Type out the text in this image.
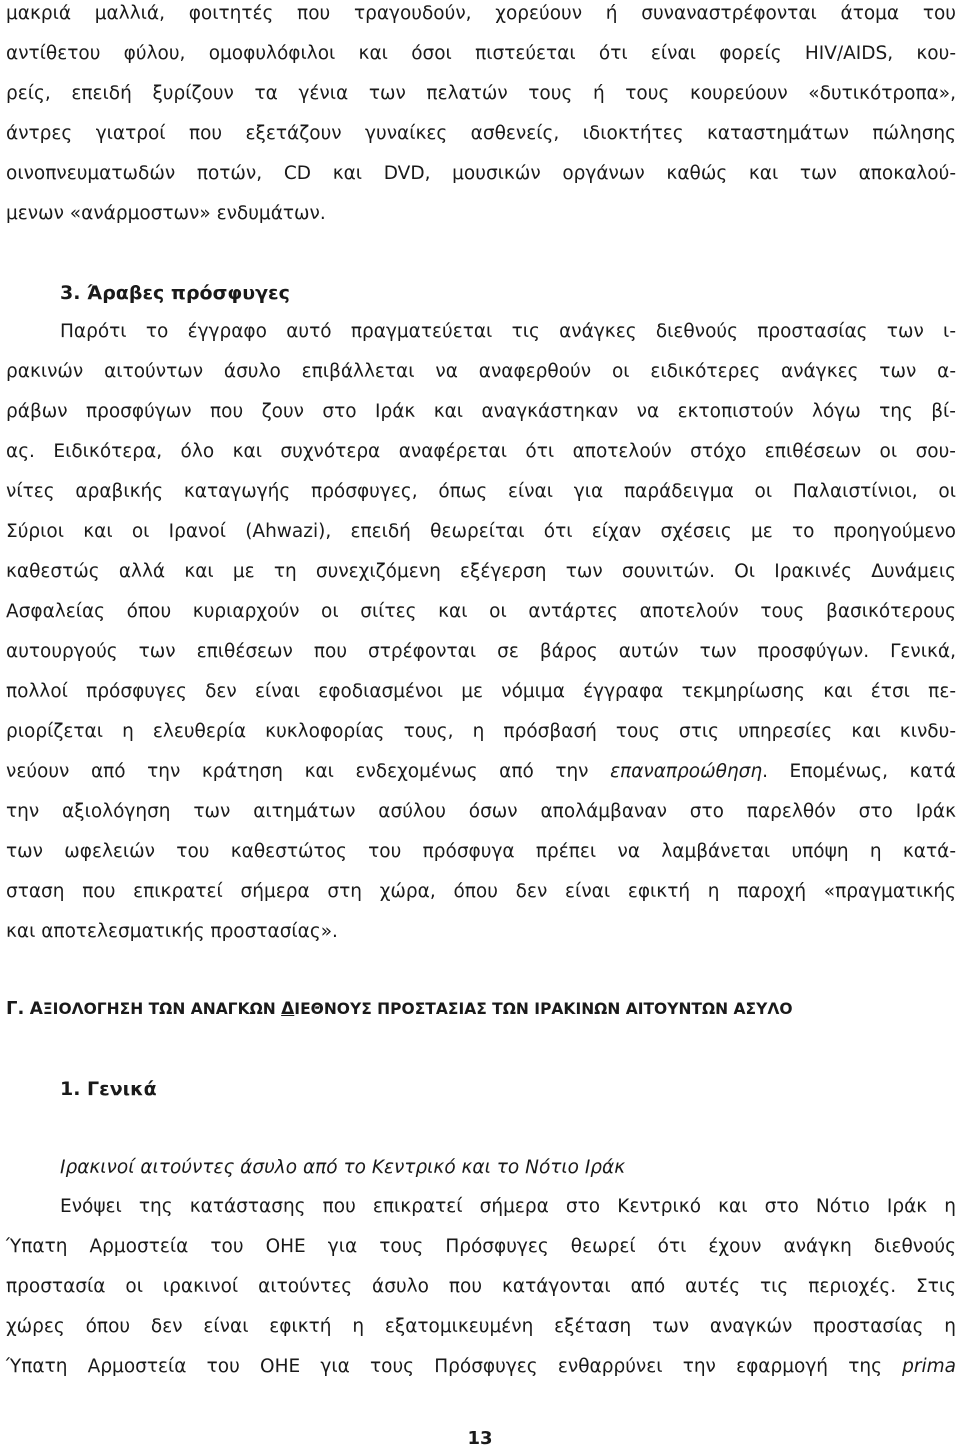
μακριά μαλλιά, φοιτητές που τραγουδούν, χορεύουν ή συναναστρέφονται άτομα του
αντίθετου φύλου, ομοφυλόφιλοι και όσοι πιστεύεται ότι είναι φορείς HIV/AIDS, κου-
ρείς, επειδή ξυρίζουν τα γένια των πελατών τους ή τους κουρεύουν «δυτικότροπα»,
άντρες γιατροί που εξετάζουν γυναίκες ασθενείς, ιδιοκτήτες καταστημάτων πώλησης
οινοπνευματωδών ποτών, CD και DVD, μουσικών οργάνων καθώς και των αποκαλού-
μενων «ανάρμοστων» ενδυμάτων.
3. Άραβες πρόσφυγες
Παρότι το έγγραφο αυτό πραγματεύεται τις ανάγκες διεθνούς προστασίας των ι-
ρακινών αιτούντων άσυλο επιβάλλεται να αναφερθούν οι ειδικότερες ανάγκες των α-
ράβων προσφύγων που ζουν στο Ιράκ και αναγκάστηκαν να εκτοπιστούν λόγω της βί-
ας. Ειδικότερα, όλο και συχνότερα αναφέρεται ότι αποτελούν στόχο επιθέσεων οι σου-
νίτες αραβικής καταγωγής πρόσφυγες, όπως είναι για παράδειγμα οι Παλαιστίνιοι, οι
Σύριοι και οι Ιρανοί (Ahwazi), επειδή θεωρείται ότι είχαν σχέσεις με το προηγούμενο
καθεστώς αλλά και με τη συνεχιζόμενη εξέγερση των σουνιτών. Οι Ιρακινές Δυνάμεις
Ασφαλείας όπου κυριαρχούν οι σιίτες και οι αντάρτες αποτελούν τους βασικότερους
αυτουργούς των επιθέσεων που στρέφονται σε βάρος αυτών των προσφύγων. Γενικά,
πολλοί πρόσφυγες δεν είναι εφοδιασμένοι με νόμιμα έγγραφα τεκμηρίωσης και έτσι πε-
ριορίζεται η ελευθερία κυκλοφορίας τους, η πρόσβασή τους στις υπηρεσίες και κινδυ-
νεύουν από την κράτηση και ενδεχομένως από την επαναπροώθηση. Επομένως, κατά
την αξιολόγηση των αιτημάτων ασύλου όσων απολάμβαναν στο παρελθόν στο Ιράκ
των ωφελειών του καθεστώτος του πρόσφυγα πρέπει να λαμβάνεται υπόψη η κατά-
σταση που επικρατεί σήμερα στη χώρα, όπου δεν είναι εφικτή η παροχή «πραγματικής
και αποτελεσματικής προστασίας».
Γ. ΑΞΙΟΛΟΓΗΣΗ ΤΩΝ ΑΝΑΓΚΩΝ ΔΙΕΘΝΟΥΣ ΠΡΟΣΤΑΣΙΑΣ ΤΩΝ ΙΡΑΚΙΝΩΝ ΑΙΤΟΥΝΤΩΝ ΑΣΥΛΟ
1. Γενικά
Ιρακινοί αιτούντες άσυλο από το Κεντρικό και το Νότιο Ιράκ
Ενόψει της κατάστασης που επικρατεί σήμερα στο Κεντρικό και στο Νότιο Ιράκ η
Ύπατη Αρμοστεία του ΟΗΕ για τους Πρόσφυγες θεωρεί ότι έχουν ανάγκη διεθνούς
προστασία οι ιρακινοί αιτούντες άσυλο που κατάγονται από αυτές τις περιοχές. Στις
χώρες όπου δεν είναι εφικτή η εξατομικευμένη εξέταση των αναγκών προστασίας η
Ύπατη Αρμοστεία του ΟΗΕ για τους Πρόσφυγες ενθαρρύνει την εφαρμογή της prima
13
